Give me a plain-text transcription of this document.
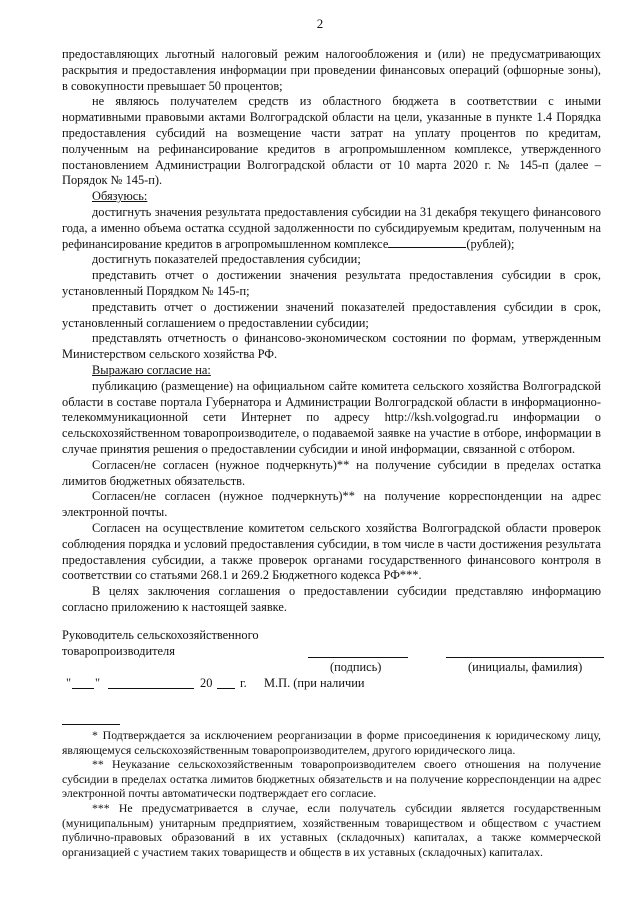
2

предоставляющих льготный налоговый режим налогообложения и (или) не предусматривающих раскрытия и предоставления информации при проведении финансовых операций (офшорные зоны), в совокупности превышает 50 процентов;

не являюсь получателем средств из областного бюджета в соответствии с иными нормативными правовыми актами Волгоградской области на цели, указанные в пункте 1.4 Порядка предоставления субсидий на возмещение части затрат на уплату процентов по кредитам, полученным на рефинансирование кредитов в агропромышленном комплексе, утвержденного постановлением Администрации Волгоградской области от 10 марта 2020 г. № 145-п (далее – Порядок № 145-п).

Обязуюсь:

достигнуть значения результата предоставления субсидии на 31 декабря текущего финансового года, а именно объема остатка ссудной задолженности по субсидируемым кредитам, полученным на рефинансирование кредитов в агропромышленном комплексе	(рублей);

достигнуть показателей предоставления субсидии;

представить отчет о достижении значения результата предоставления субсидии в срок, установленный Порядком № 145-п;

представить отчет о достижении значений показателей предоставления субсидии в срок, установленный соглашением о предоставлении субсидии;

представлять отчетность о финансово-экономическом состоянии по формам, утвержденным Министерством сельского хозяйства РФ.

Выражаю согласие на:

публикацию (размещение) на официальном сайте комитета сельского хозяйства Волгоградской области в составе портала Губернатора и Администрации Волгоградской области в информационно-телекоммуникационной сети Интернет по адресу http://ksh.volgograd.ru информации о сельскохозяйственном товаропроизводителе, о подаваемой заявке на участие в отборе, информации в случае принятия решения о предоставлении субсидии и иной информации, связанной с отбором.

Согласен/не согласен (нужное подчеркнуть)** на получение субсидии в пределах остатка лимитов бюджетных обязательств.

Согласен/не согласен (нужное подчеркнуть)** на получение корреспонденции на адрес электронной почты.

Согласен на осуществление комитетом сельского хозяйства Волгоградской области проверок соблюдения порядка и условий предоставления субсидии, в том числе в части достижения результата предоставления субсидии, а также проверок органами государственного финансового контроля в соответствии со статьями 268.1 и 269.2 Бюджетного кодекса РФ***.

В целях заключения соглашения о предоставлении субсидии представляю информацию согласно приложению к настоящей заявке.

Руководитель сельскохозяйственного
товаропроизводителя
(подпись)	(инициалы, фамилия)
" "	20 г. М.П. (при наличии

* Подтверждается за исключением реорганизации в форме присоединения к юридическому лицу, являющемуся сельскохозяйственным товаропроизводителем, другого юридического лица.

** Неуказание сельскохозяйственным товаропроизводителем своего отношения на получение субсидии в пределах остатка лимитов бюджетных обязательств и на получение корреспонденции на адрес электронной почты автоматически подтверждает его согласие.

*** Не предусматривается в случае, если получатель субсидии является государственным (муниципальным) унитарным предприятием, хозяйственным товариществом и обществом с участием публично-правовых образований в их уставных (складочных) капиталах, а также коммерческой организацией с участием таких товариществ и обществ в их уставных (складочных) капиталах.
